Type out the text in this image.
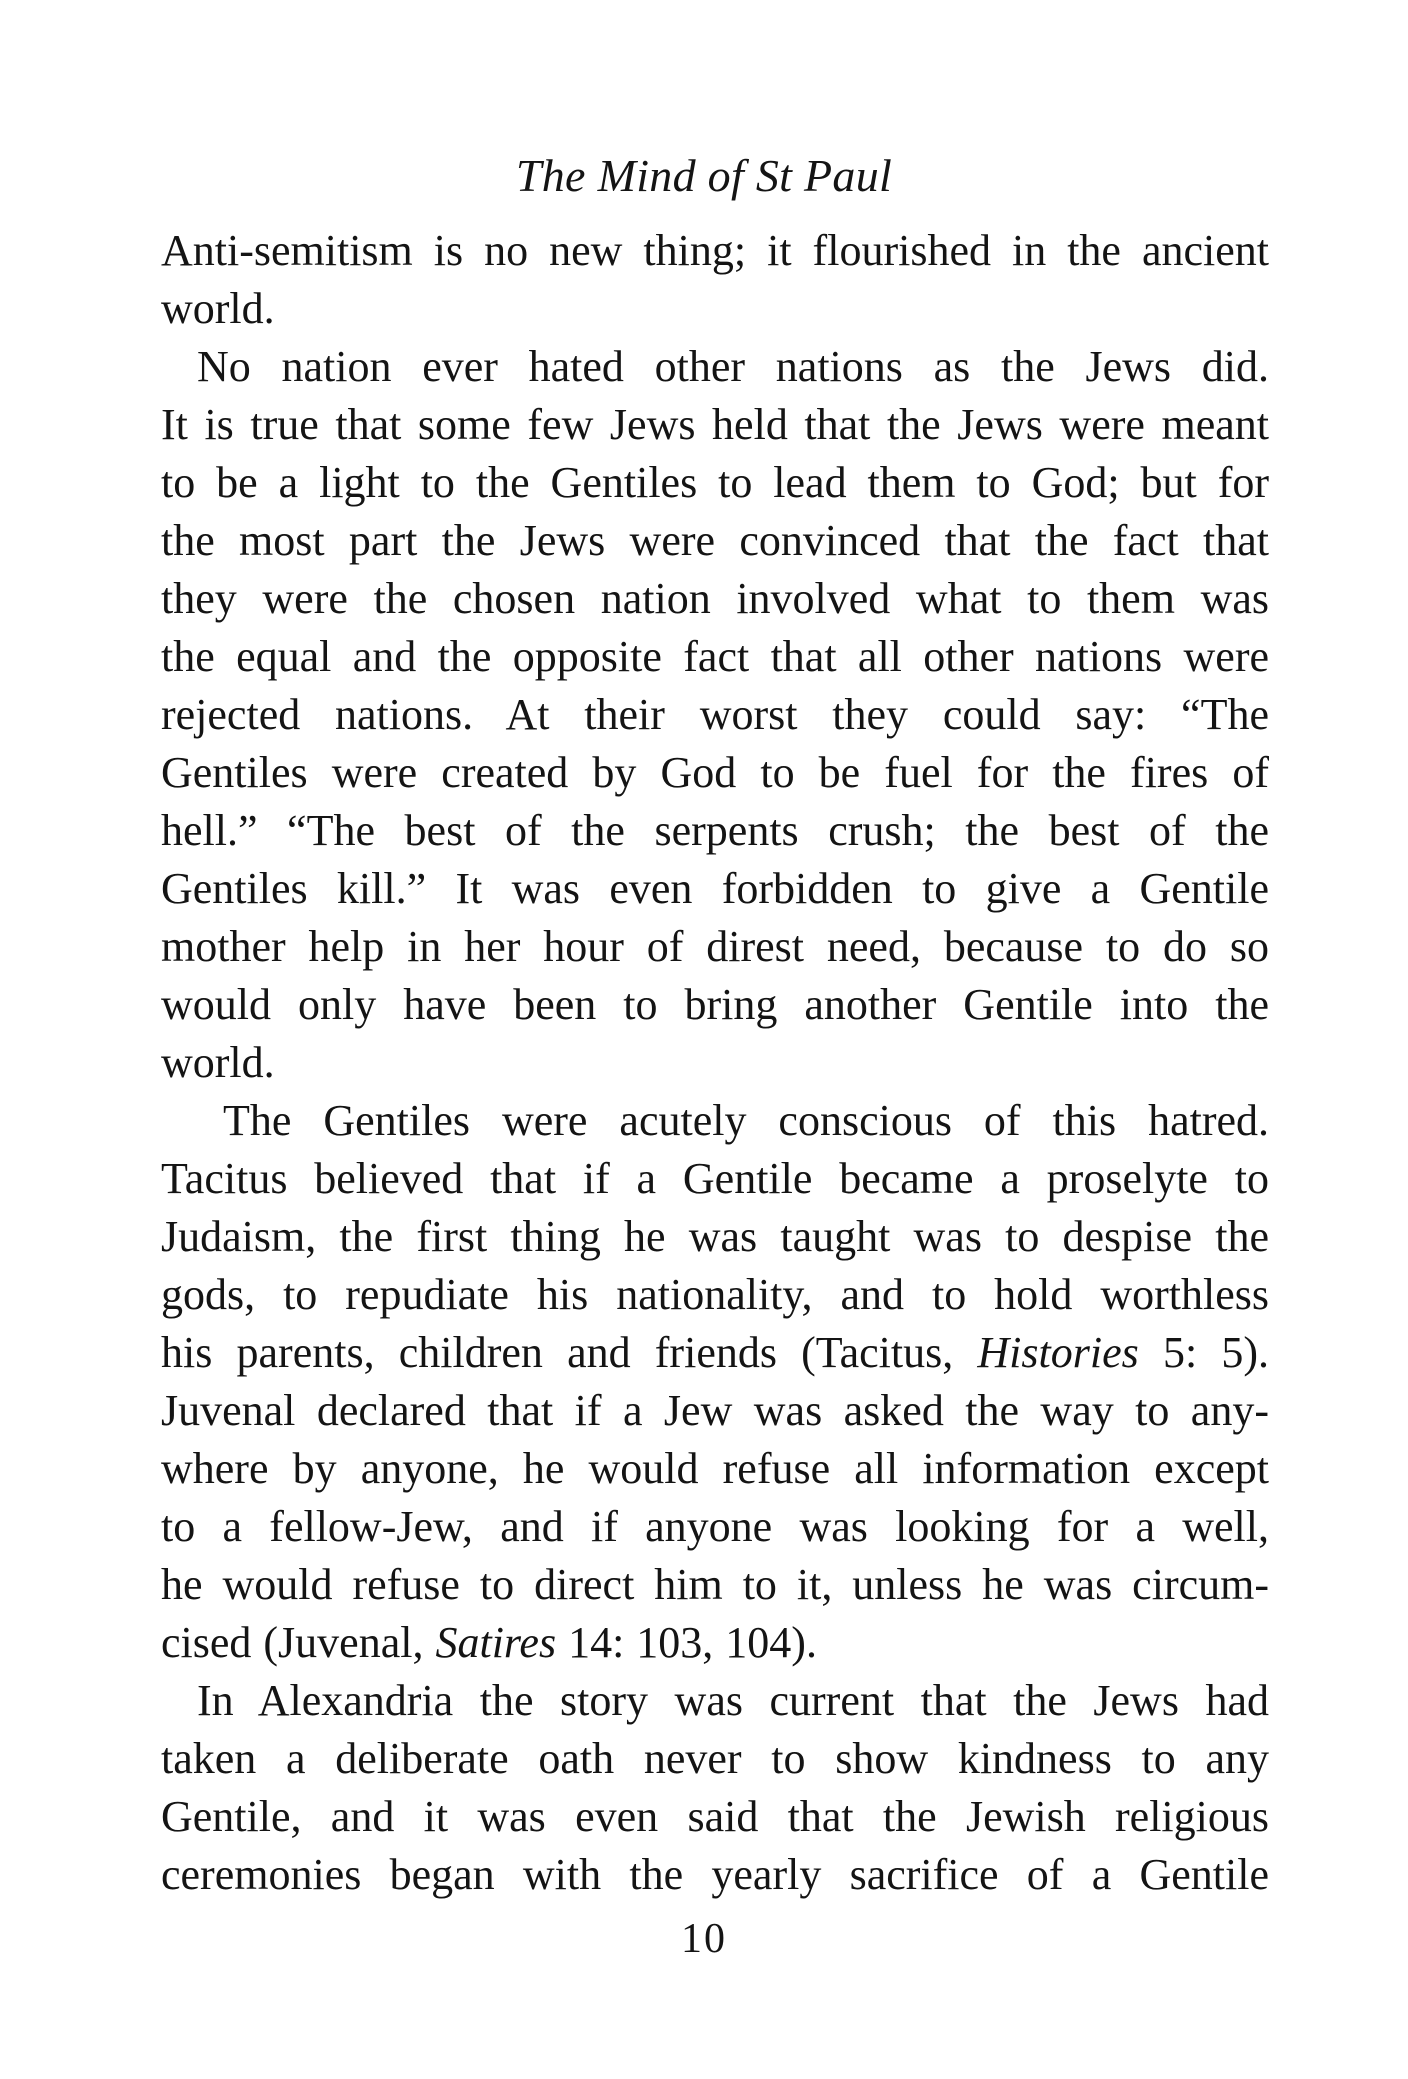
The Mind of St Paul

Anti-semitism is no new thing; it flourished in the ancient
world.

No nation ever hated other nations as the Jews did.
It is true that some few Jews held that the Jews were meant
to be a light to the Gentiles to lead them to God; but for
the most part the Jews were convinced that the fact that
they were the chosen nation involved what to them was
the equal and the opposite fact that all other nations were
rejected nations. At their worst they could say: “The
Gentiles were created by God to be fuel for the fires of
hell.” “The best of the serpents crush; the best of the
Gentiles kill.” It was even forbidden to give a Gentile
mother help in her hour of direst need, because to do so
would only have been to bring another Gentile into the
world.

The Gentiles were acutely conscious of this hatred.
Tacitus believed that if a Gentile became a proselyte to
Judaism, the first thing he was taught was to despise the
gods, to repudiate his nationality, and to hold worthless
his parents, children and friends (Tacitus, Histories 5: 5).
Juvenal declared that if a Jew was asked the way to any-
where by anyone, he would refuse all information except
to a fellow-Jew, and if anyone was looking for a well,
he would refuse to direct him to it, unless he was circum-
cised (Juvenal, Satires 14: 103, 104).

In Alexandria the story was current that the Jews had
taken a deliberate oath never to show kindness to any
Gentile, and it was even said that the Jewish religious
ceremonies began with the yearly sacrifice of a Gentile

10
